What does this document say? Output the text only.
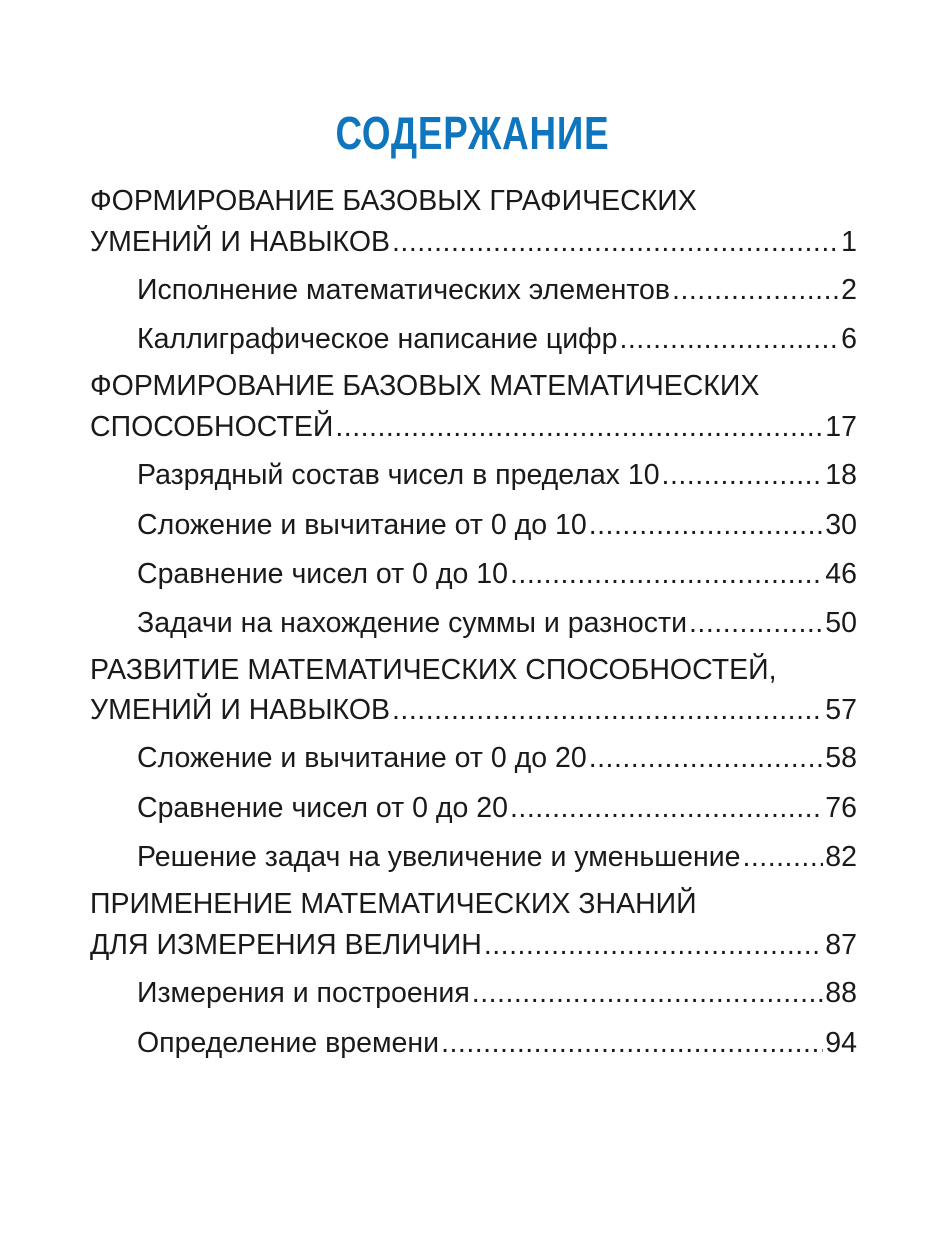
СОДЕРЖАНИЕ
ФОРМИРОВАНИЕ БАЗОВЫХ ГРАФИЧЕСКИХ
УМЕНИЙ И НАВЫКОВ .....	1
Исполнение математических элементов .....	2
Каллиграфическое написание цифр .....	6
ФОРМИРОВАНИЕ БАЗОВЫХ МАТЕМАТИЧЕСКИХ
СПОСОБНОСТЕЙ .....	17
Разрядный состав чисел в пределах 10 .....	18
Сложение и вычитание от 0 до 10 .....	30
Сравнение чисел от 0 до 10 .....	46
Задачи на нахождение суммы и разности .....	50
РАЗВИТИЕ МАТЕМАТИЧЕСКИХ СПОСОБНОСТЕЙ,
УМЕНИЙ И НАВЫКОВ .....	57
Сложение и вычитание от 0 до 20 .....	58
Сравнение чисел от 0 до 20 .....	76
Решение задач на увеличение и уменьшение .....	82
ПРИМЕНЕНИЕ МАТЕМАТИЧЕСКИХ ЗНАНИЙ
ДЛЯ ИЗМЕРЕНИЯ ВЕЛИЧИН .....	87
Измерения и построения .....	88
Определение времени .....	94
